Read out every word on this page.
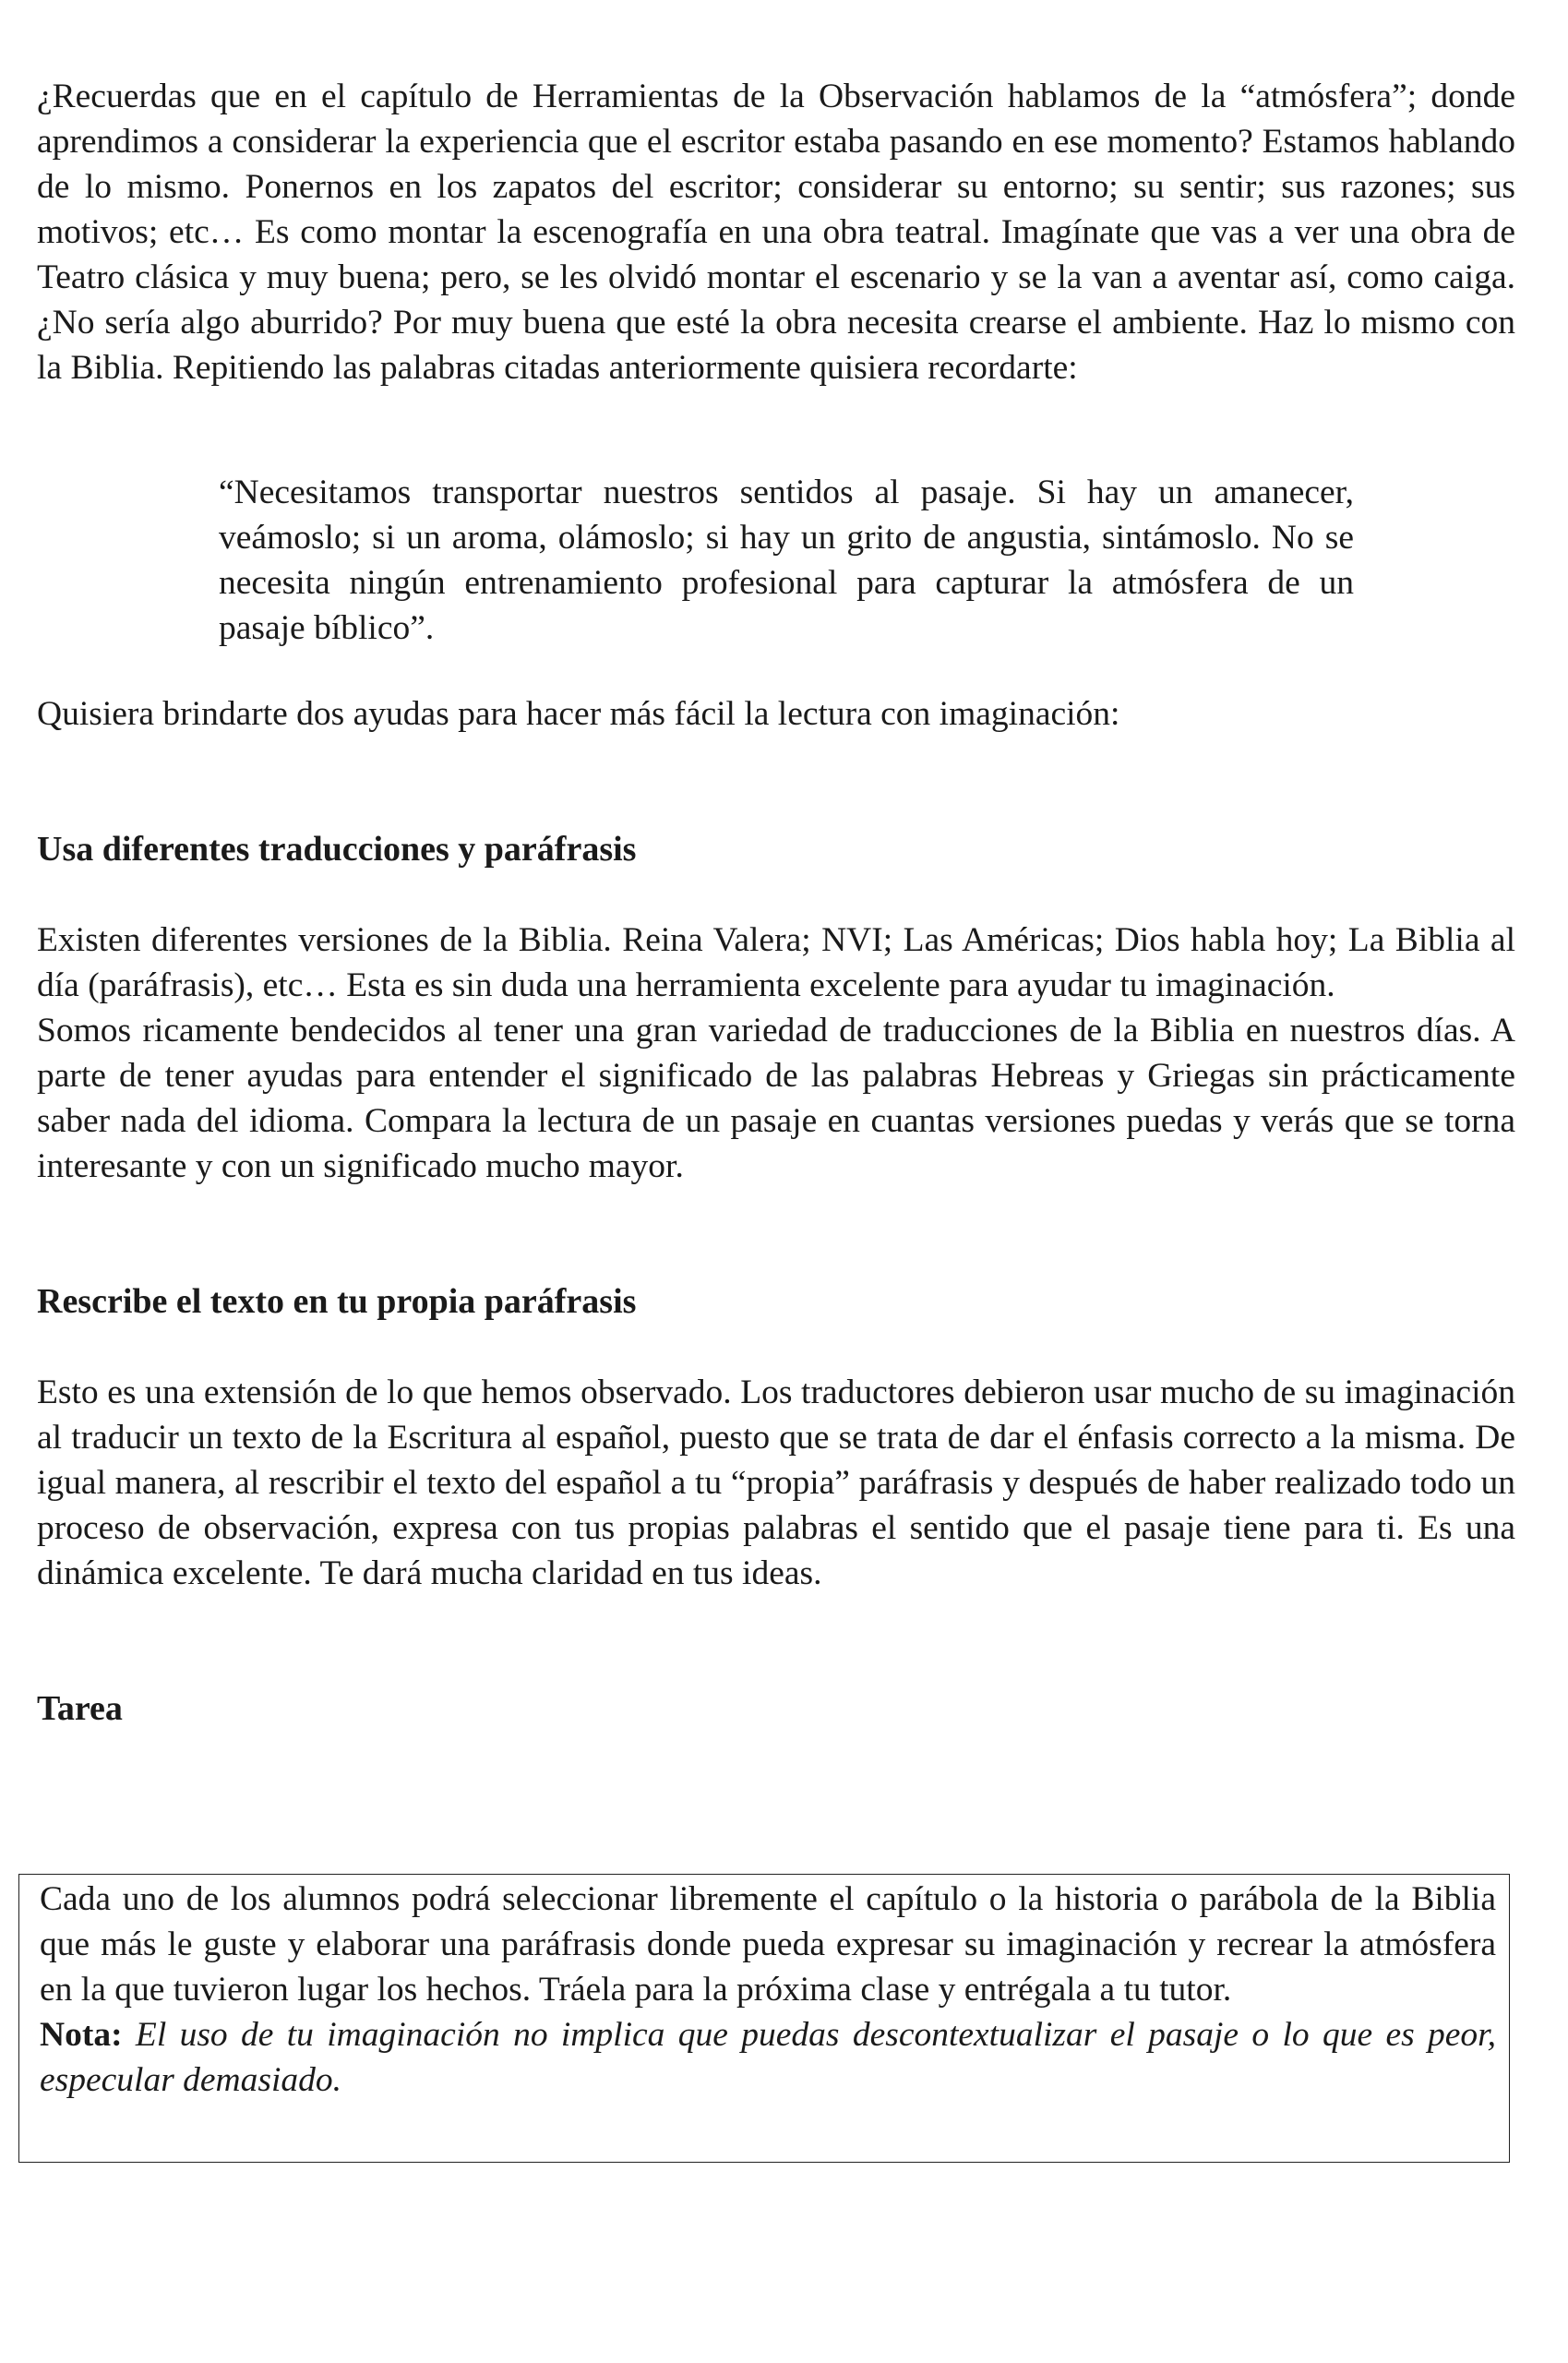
¿Recuerdas que en el capítulo de Herramientas de la Observación hablamos de la “atmósfera”; donde aprendimos a considerar la experiencia que el escritor estaba pasando en ese momento? Estamos hablando de lo mismo. Ponernos en los zapatos del escritor; considerar su entorno; su sentir; sus razones; sus motivos; etc… Es como montar la escenografía en una obra teatral. Imagínate que vas a ver una obra de Teatro clásica y muy buena; pero, se les olvidó montar el escenario y se la van a aventar así, como caiga. ¿No sería algo aburrido? Por muy buena que esté la obra necesita crearse el ambiente. Haz lo mismo con la Biblia. Repitiendo las palabras citadas anteriormente quisiera recordarte:

“Necesitamos transportar nuestros sentidos al pasaje. Si hay un amanecer, veámoslo; si un aroma, olámoslo; si hay un grito de angustia, sintámoslo. No se necesita ningún entrenamiento profesional para capturar la atmósfera de un pasaje bíblico”.

Quisiera brindarte dos ayudas para hacer más fácil la lectura con imaginación:

Usa diferentes traducciones y paráfrasis

Existen diferentes versiones de la Biblia. Reina Valera; NVI; Las Américas; Dios habla hoy; La Biblia al día (paráfrasis), etc… Esta es sin duda una herramienta excelente para ayudar tu imaginación.

Somos ricamente bendecidos al tener una gran variedad de traducciones de la Biblia en nuestros días. A parte de tener ayudas para entender el significado de las palabras Hebreas y Griegas sin prácticamente saber nada del idioma. Compara la lectura de un pasaje en cuantas versiones puedas y verás que se torna interesante y con un significado mucho mayor.

Rescribe el texto en tu propia paráfrasis

Esto es una extensión de lo que hemos observado. Los traductores debieron usar mucho de su imaginación al traducir un texto de la Escritura al español, puesto que se trata de dar el énfasis correcto a la misma. De igual manera, al rescribir el texto del español a tu “propia” paráfrasis y después de haber realizado todo un proceso de observación, expresa con tus propias palabras el sentido que el pasaje tiene para ti. Es una dinámica excelente. Te dará mucha claridad en tus ideas.

Tarea

Cada uno de los alumnos podrá seleccionar libremente el capítulo o la historia o parábola de la Biblia que más le guste y elaborar una paráfrasis donde pueda expresar su imaginación y recrear la atmósfera en la que tuvieron lugar los hechos. Tráela para la próxima clase y entrégala a tu tutor.

Nota: El uso de tu imaginación no implica que puedas descontextualizar el pasaje o lo que es peor, especular demasiado.
